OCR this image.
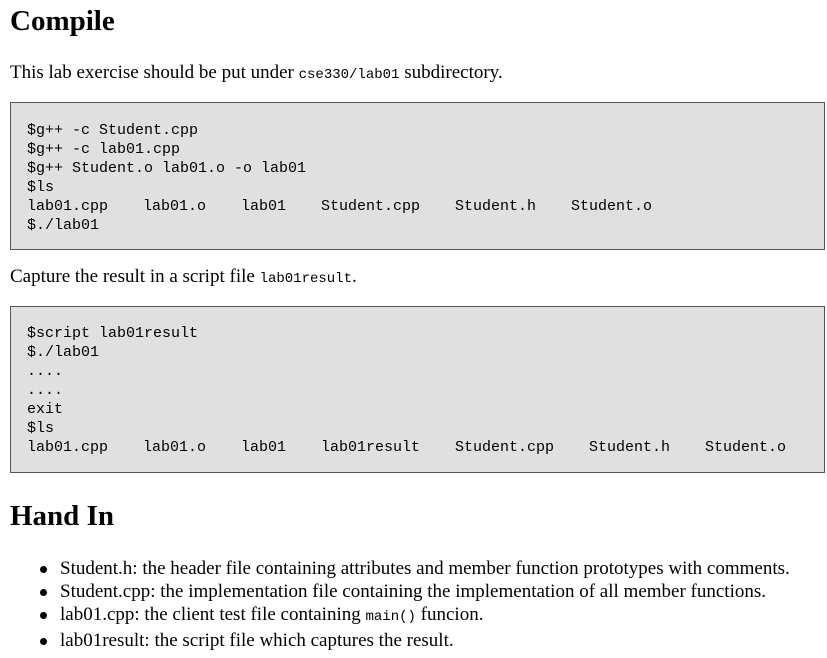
Compile

This lab exercise should be put under cse330/lab01 subdirectory.

$g++ -c Student.cpp
$g++ -c lab01.cpp
$g++ Student.o lab01.o -o lab01
$ls
lab01.cpp lab01.o lab01 Student.cpp Student.h Student.o
$./lab01

Capture the result in a script file lab01result.

$script lab01result
$./lab01
....
....
exit
$ls
lab01.cpp lab01.o lab01 lab01result Student.cpp Student.h Student.o
Hand In
Student.h: the header file containing attributes and member function prototypes with comments.
Student.cpp: the implementation file containing the implementation of all member functions.
lab01.cpp: the client test file containing main() funcion.
lab01result: the script file which captures the result.
